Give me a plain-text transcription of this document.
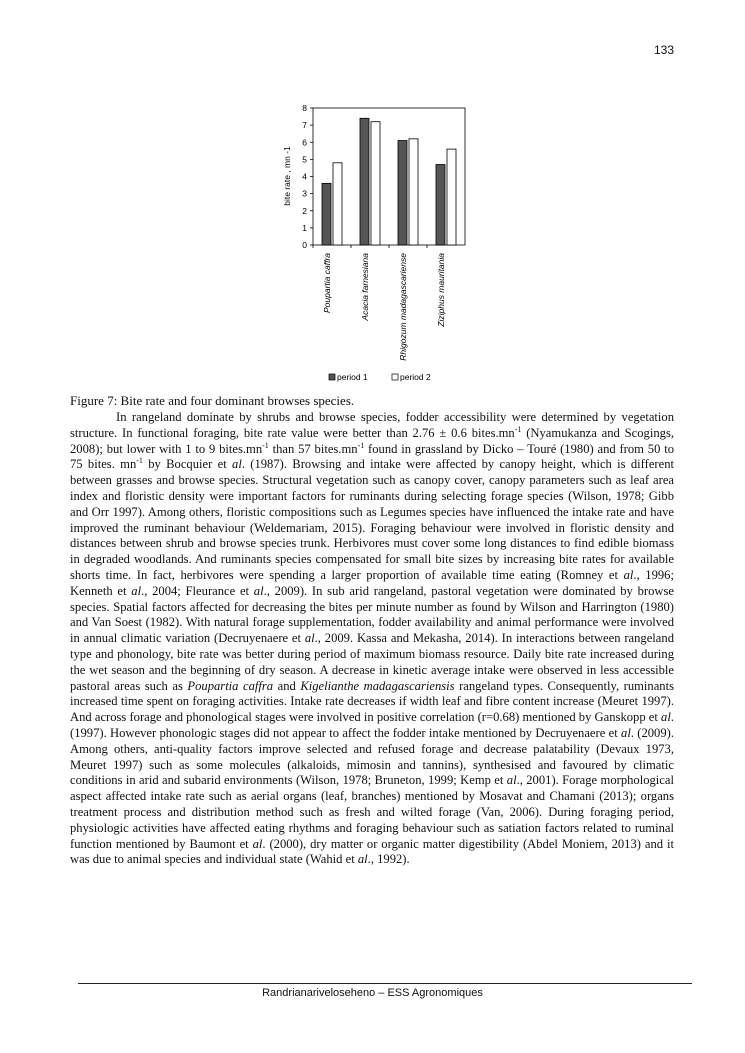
133
0
1
2
3
4
5
6
7
8
bite rate , mn -1
Poupartia caffra	Acacia farnesiana	Rhigozum madagascariense	Ziziphus mauritania
period 1	period 2
Figure 7: Bite rate and four dominant browses species.

In rangeland dominate by shrubs and browse species, fodder accessibility were determined by vegetation structure. In functional foraging, bite rate value were better than 2.76 ± 0.6 $bites.mn^{-1}$ (Nyamukanza and Scogings, 2008); but lower with 1 to 9 $bites.mn^{-1}$ than 57 $bites.mn^{-1}$ found in grassland by Dicko – Touré (1980) and from 50 to 75 bites. $mn^{-1}$ by Bocquier et al. (1987). Browsing and intake were affected by canopy height, which is different between grasses and browse species. Structural vegetation such as canopy cover, canopy parameters such as leaf area index and floristic density were important factors for ruminants during selecting forage species (Wilson, 1978; Gibb and Orr 1997). Among others, floristic compositions such as Legumes species have influenced the intake rate and have improved the ruminant behaviour (Weldemariam, 2015). Foraging behaviour were involved in floristic density and distances between shrub and browse species trunk. Herbivores must cover some long distances to find edible biomass in degraded woodlands. And ruminants species compensated for small bite sizes by increasing bite rates for available shorts time. In fact, herbivores were spending a larger proportion of available time eating (Romney et al., 1996; Kenneth et al., 2004; Fleurance et al., 2009). In sub arid rangeland, pastoral vegetation were dominated by browse species. Spatial factors affected for decreasing the bites per minute number as found by Wilson and Harrington (1980) and Van Soest (1982). With natural forage supplementation, fodder availability and animal performance were involved in annual climatic variation (Decruyenaere et al., 2009. Kassa and Mekasha, 2014). In interactions between rangeland type and phonology, bite rate was better during period of maximum biomass resource. Daily bite rate increased during the wet season and the beginning of dry season. A decrease in kinetic average intake were observed in less accessible pastoral areas such as Poupartia caffra and Kigelianthe madagascariensis rangeland types. Consequently, ruminants increased time spent on foraging activities. Intake rate decreases if width leaf and fibre content increase (Meuret 1997). And across forage and phonological stages were involved in positive correlation (r=0.68) mentioned by Ganskopp et al. (1997). However phonologic stages did not appear to affect the fodder intake mentioned by Decruyenaere et al. (2009). Among others, anti-quality factors improve selected and refused forage and decrease palatability (Devaux 1973, Meuret 1997) such as some molecules (alkaloids, mimosin and tannins), synthesised and favoured by climatic conditions in arid and subarid environments (Wilson, 1978; Bruneton, 1999; Kemp et al., 2001). Forage morphological aspect affected intake rate such as aerial organs (leaf, branches) mentioned by Mosavat and Chamani (2013); organs treatment process and distribution method such as fresh and wilted forage (Van, 2006). During foraging period, physiologic activities have affected eating rhythms and foraging behaviour such as satiation factors related to ruminal function mentioned by Baumont et al. (2000), dry matter or organic matter digestibility (Abdel Moniem, 2013) and it was due to animal species and individual state (Wahid et al., 1992).

Randrianariveloseheno – ESS Agronomiques
